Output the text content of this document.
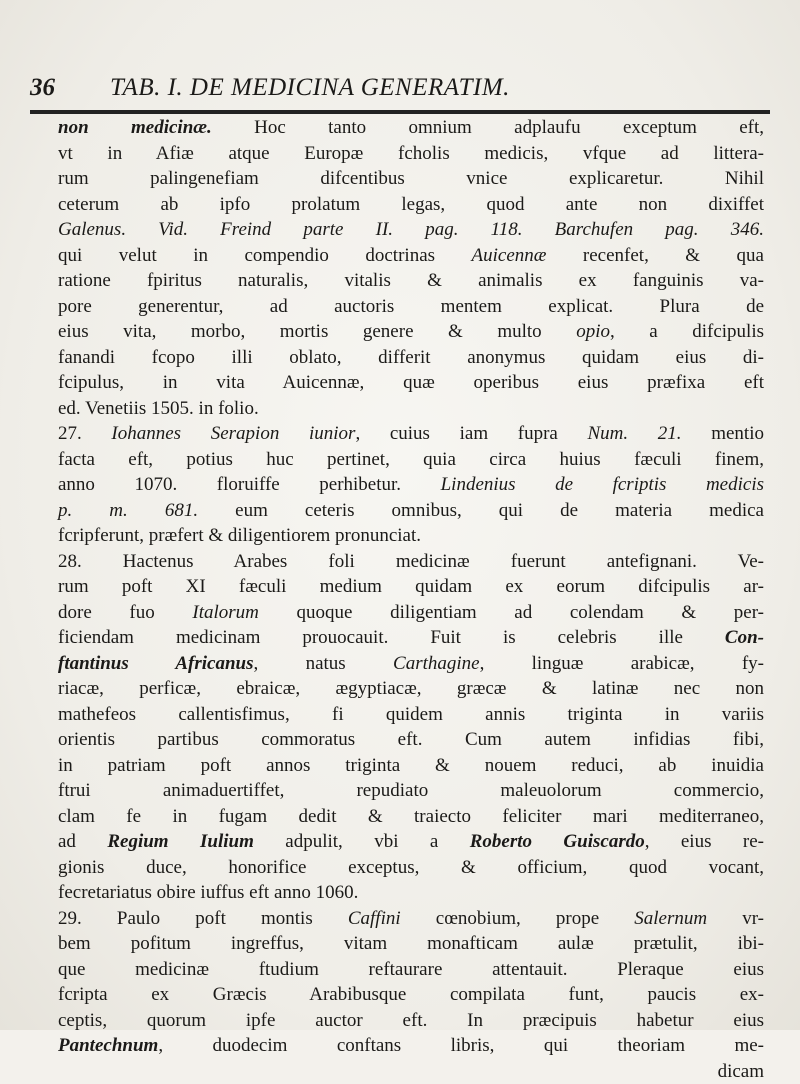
36 TAB. I. DE MEDICINA GENERATIM.
non medicinæ. Hoc tanto omnium adplaufu exceptum eft,
vt in Afiæ atque Europæ fcholis medicis, vfque ad littera-
rum palingenefiam difcentibus vnice explicaretur. Nihil
ceterum ab ipfo prolatum legas, quod ante non dixiffet
Galenus. Vid. Freind parte II. pag. 118. Barchufen pag. 346.
qui velut in compendio doctrinas Auicennæ recenfet, & qua
ratione fpiritus naturalis, vitalis & animalis ex fanguinis va-
pore generentur, ad auctoris mentem explicat. Plura de
eius vita, morbo, mortis genere & multo opio, a difcipulis
fanandi fcopo illi oblato, differit anonymus quidam eius di-
fcipulus, in vita Auicennæ, quæ operibus eius præfixa eft
ed. Venetiis 1505. in folio.
27. Iohannes Serapion iunior, cuius iam fupra Num. 21. mentio
facta eft, potius huc pertinet, quia circa huius fæculi finem,
anno 1070. floruiffe perhibetur. Lindenius de fcriptis medicis
p. m. 681. eum ceteris omnibus, qui de materia medica
fcripferunt, præfert & diligentiorem pronunciat.
28. Hactenus Arabes foli medicinæ fuerunt antefignani. Ve-
rum poft XI fæculi medium quidam ex eorum difcipulis ar-
dore fuo Italorum quoque diligentiam ad colendam & per-
ficiendam medicinam prouocauit. Fuit is celebris ille Con-
ftantinus Africanus, natus Carthagine, linguæ arabicæ, fy-
riacæ, perficæ, ebraicæ, ægyptiacæ, græcæ & latinæ nec non
mathefeos callentisfimus, fi quidem annis triginta in variis
orientis partibus commoratus eft. Cum autem infidias fibi,
in patriam poft annos triginta & nouem reduci, ab inuidia
ftrui animaduertiffet, repudiato maleuolorum commercio,
clam fe in fugam dedit & traiecto feliciter mari mediterraneo,
ad Regium Iulium adpulit, vbi a Roberto Guiscardo, eius re-
gionis duce, honorifice exceptus, & officium, quod vocant,
fecretariatus obire iuffus eft anno 1060.
29. Paulo poft montis Caffini cœnobium, prope Salernum vr-
bem pofitum ingreffus, vitam monafticam aulæ prætulit, ibi-
que medicinæ ftudium reftaurare attentauit. Pleraque eius
fcripta ex Græcis Arabibusque compilata funt, paucis ex-
ceptis, quorum ipfe auctor eft. In præcipuis habetur eius
Pantechnum, duodecim conftans libris, qui theoriam me-
dicam
